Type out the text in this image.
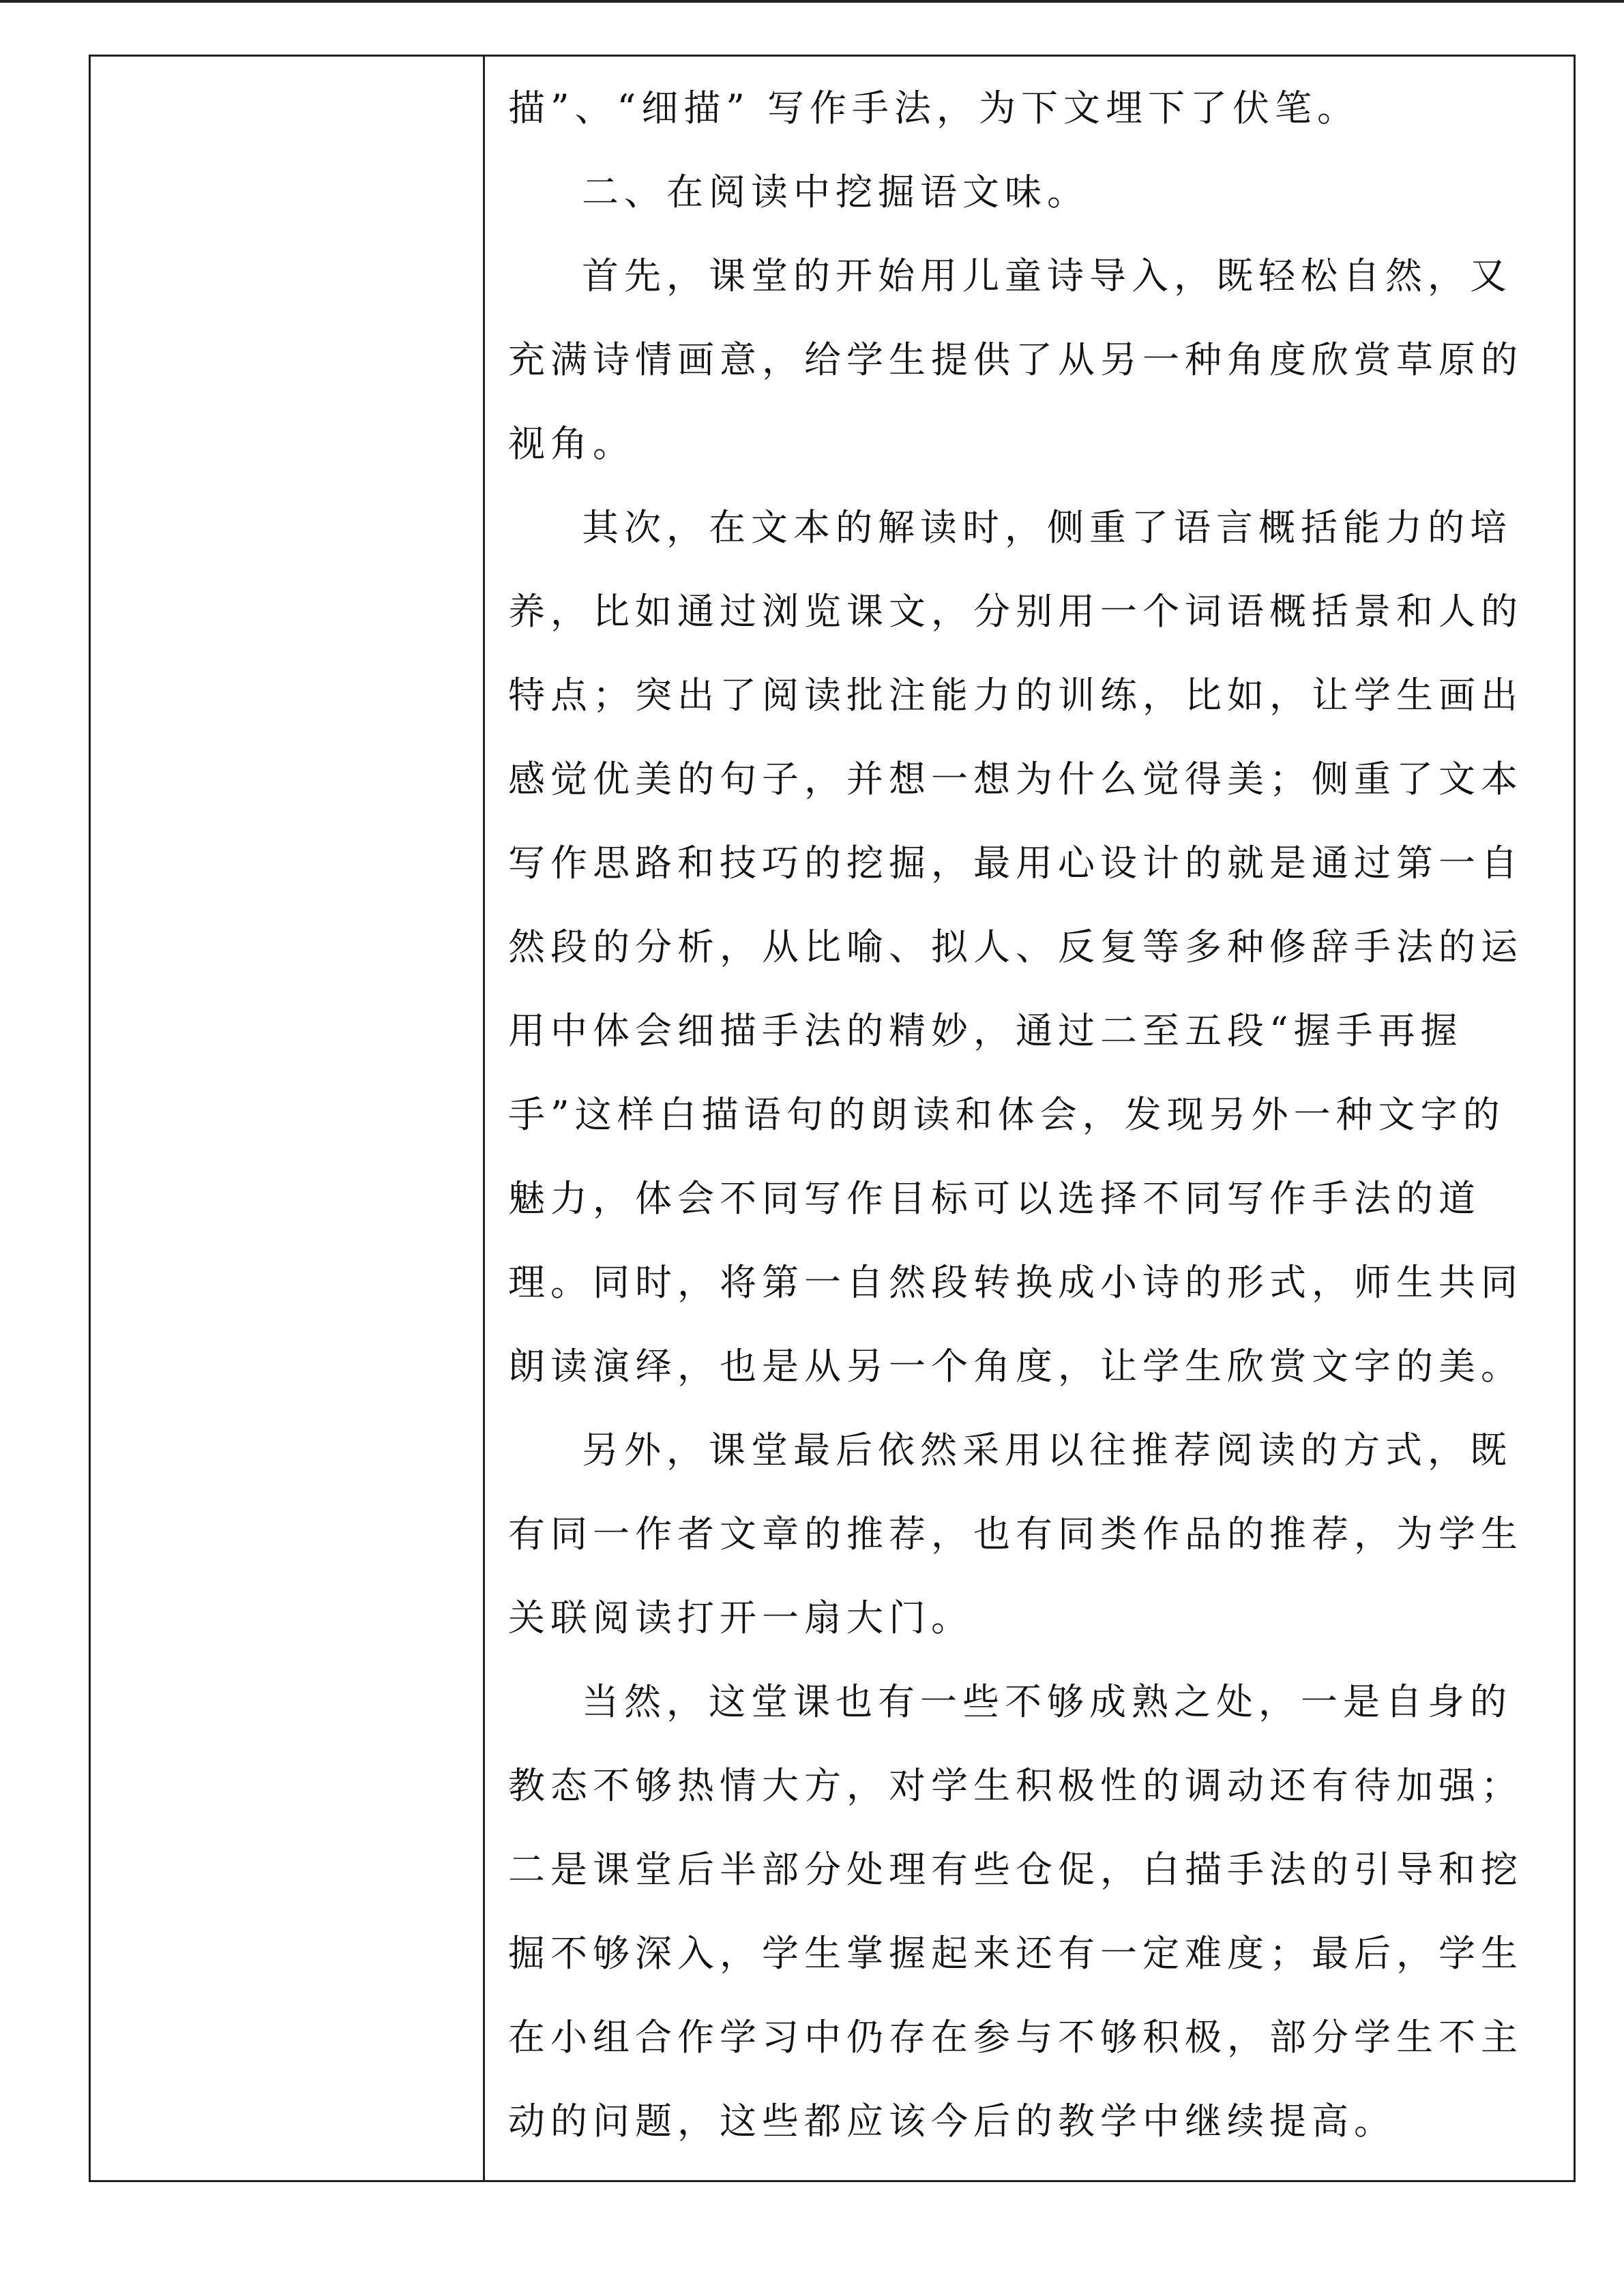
描”、“细描” 写作手法，为下文埋下了伏笔。

二、在阅读中挖掘语文味。

首先，课堂的开始用儿童诗导入，既轻松自然，又充满诗情画意，给学生提供了从另一种角度欣赏草原的视角。

其次，在文本的解读时，侧重了语言概括能力的培养，比如通过浏览课文，分别用一个词语概括景和人的特点；突出了阅读批注能力的训练，比如，让学生画出感觉优美的句子，并想一想为什么觉得美；侧重了文本写作思路和技巧的挖掘，最用心设计的就是通过第一自然段的分析，从比喻、拟人、反复等多种修辞手法的运用中体会细描手法的精妙，通过二至五段“握手再握手”这样白描语句的朗读和体会，发现另外一种文字的魅力，体会不同写作目标可以选择不同写作手法的道理。同时，将第一自然段转换成小诗的形式，师生共同朗读演绎，也是从另一个角度，让学生欣赏文字的美。

另外，课堂最后依然采用以往推荐阅读的方式，既有同一作者文章的推荐，也有同类作品的推荐，为学生关联阅读打开一扇大门。

当然，这堂课也有一些不够成熟之处，一是自身的教态不够热情大方，对学生积极性的调动还有待加强；二是课堂后半部分处理有些仓促，白描手法的引导和挖掘不够深入，学生掌握起来还有一定难度；最后，学生在小组合作学习中仍存在参与不够积极，部分学生不主动的问题，这些都应该今后的教学中继续提高。
